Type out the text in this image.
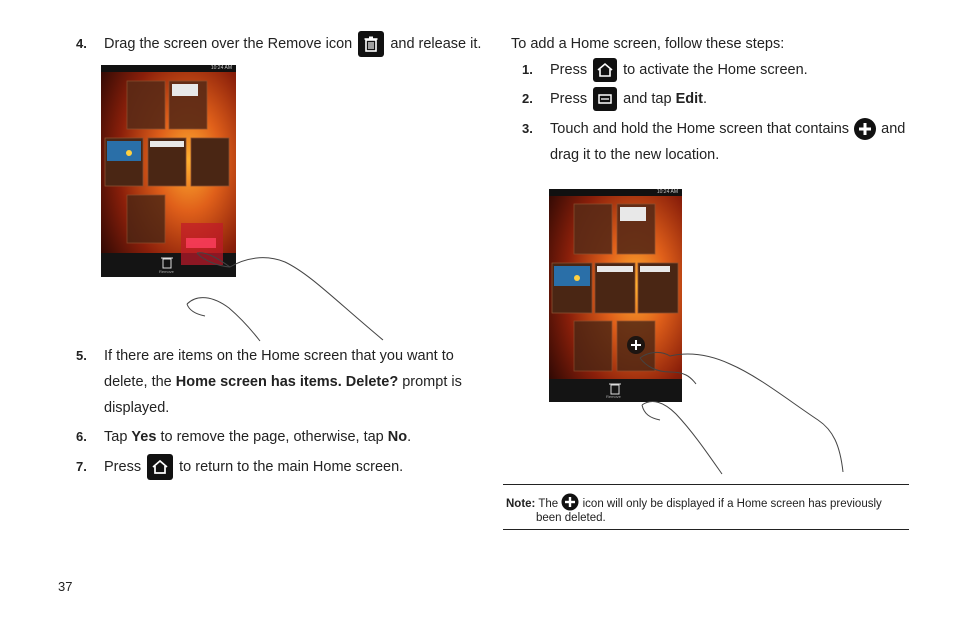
4. Drag the screen over the Remove icon	and release it.
10:24 AM
Remove
5. If there are items on the Home screen that you want to
delete, the Home screen has items. Delete? prompt is
displayed.
6. Tap Yes to remove the page, otherwise, tap No.
7. Press	to return to the main Home screen.
37
To add a Home screen, follow these steps:
1. Press to activate the Home screen.
2. Press and tap Edit.
3. Touch and hold the Home screen that contains and
drag it to the new location.
10:24 AM
Remove
Note: The icon will only be displayed if a Home screen has previously
been deleted.
